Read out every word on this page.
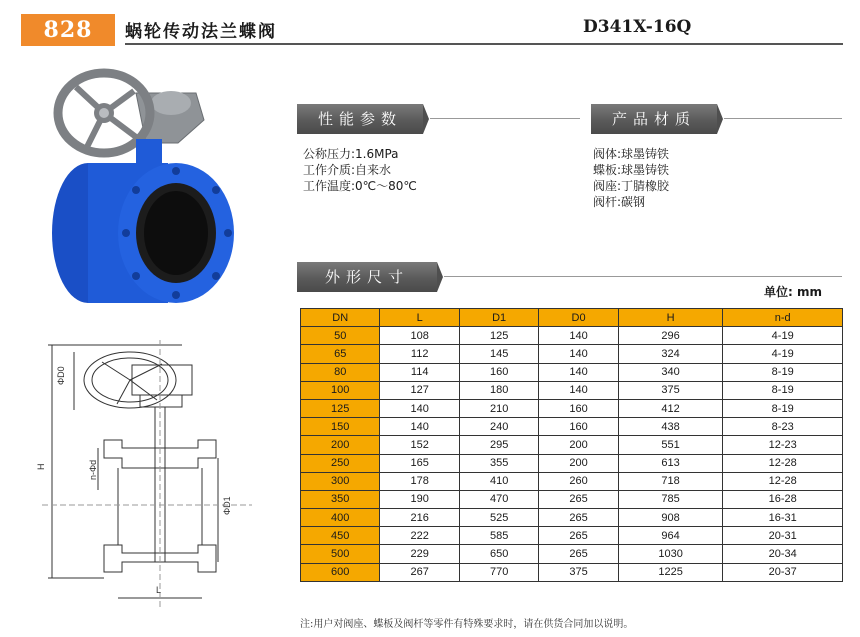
828	蜗轮传动法兰蝶阀	D341X-16Q
ΦD0
H	n-Φd
ΦD1
L
性能参数
公称压力:1.6MPa
工作介质:自来水
工作温度:0℃～80℃
产品材质
阀体:球墨铸铁
蝶板:球墨铸铁
阀座:丁腈橡胶
阀杆:碳钢
外形尺寸
单位: mm
DN	L	D1	D0	H	n-d
50	108	125	140	296	4-19
65	112	145	140	324	4-19
80	114	160	140	340	8-19
100	127	180	140	375	8-19
125	140	210	160	412	8-19
150	140	240	160	438	8-23
200	152	295	200	551	12-23
250	165	355	200	613	12-28
300	178	410	260	718	12-28
350	190	470	265	785	16-28
400	216	525	265	908	16-31
450	222	585	265	964	20-31
500	229	650	265	1030	20-34
600	267	770	375	1225	20-37
注:用户对阀座、蝶板及阀杆等零件有特殊要求时，请在供货合同加以说明。
